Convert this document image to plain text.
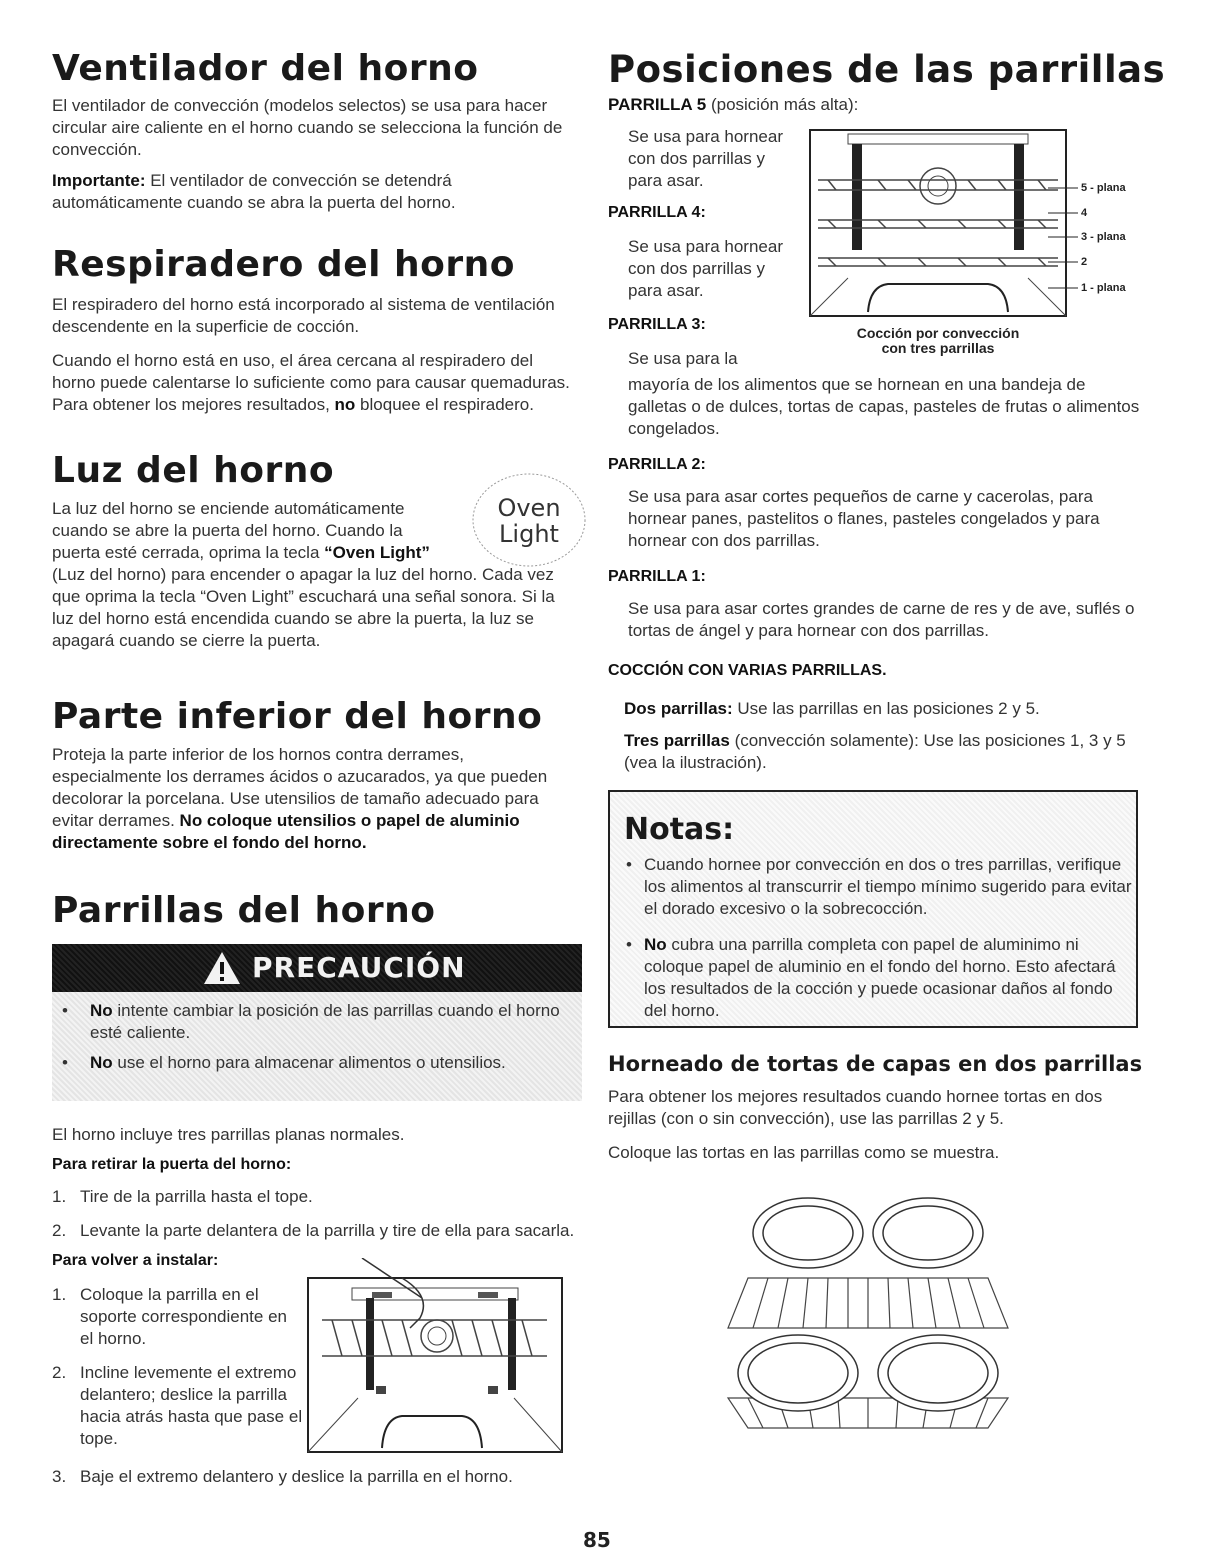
Ventilador del horno
El ventilador de convección (modelos selectos) se usa para hacer circular aire caliente en el horno cuando se selecciona la función de convección.
Importante: El ventilador de convección se detendrá automáticamente cuando se abra la puerta del horno.
Respiradero del horno
El respiradero del horno está incorporado al sistema de ventilación descendente en la superficie de cocción.
Cuando el horno está en uso, el área cercana al respiradero del horno puede calentarse lo suficiente como para causar quemaduras. Para obtener los mejores resultados, no bloquee el respiradero.
Luz del horno
La luz del horno se enciende automáticamente cuando se abre la puerta del horno. Cuando la puerta esté cerrada, oprima la tecla “Oven Light”
(Luz del horno) para encender o apagar la luz del horno. Cada vez que oprima la tecla “Oven Light” escuchará una señal sonora. Si la luz del horno está encendida cuando se abre la puerta, la luz se apagará cuando se cierre la puerta.
Oven
Light
Parte inferior del horno
Proteja la parte inferior de los hornos contra derrames, especialmente los derrames ácidos o azucarados, ya que pueden decolorar la porcelana. Use utensilios de tamaño adecuado para evitar derrames. No coloque utensilios o papel de aluminio directamente sobre el fondo del horno.
Parrillas del horno
PRECAUCIÓN
• No intente cambiar la posición de las parrillas cuando el horno esté caliente.
• No use el horno para almacenar alimentos o utensilios.
El horno incluye tres parrillas planas normales.
Para retirar la puerta del horno:
1. Tire de la parrilla hasta el tope.
2. Levante la parte delantera de la parrilla y tire de ella para sacarla.
Para volver a instalar:
1. Coloque la parrilla en el soporte correspondiente en el horno.
2. Incline levemente el extremo delantero; deslice la parrilla hacia atrás hasta que pase el tope.
3. Baje el extremo delantero y deslice la parrilla en el horno.
Posiciones de las parrillas
PARRILLA 5 (posición más alta):
Se usa para hornear con dos parrillas y para asar.
PARRILLA 4:
Se usa para hornear con dos parrillas y para asar.
PARRILLA 3:
Se usa para la
mayoría de los alimentos que se hornean en una bandeja de galletas o de dulces, tortas de capas, pasteles de frutas o alimentos congelados.
PARRILLA 2:
Se usa para asar cortes pequeños de carne y cacerolas, para hornear panes, pastelitos o flanes, pasteles congelados y para hornear con dos parrillas.
PARRILLA 1:
Se usa para asar cortes grandes de carne de res y de ave, suflés o tortas de ángel y para hornear con dos parrillas.
5 - plana
4
3 - plana
2
1 - plana
Cocción por convección
con tres parrillas
COCCIÓN CON VARIAS PARRILLAS.
Dos parrillas: Use las parrillas en las posiciones 2 y 5.
Tres parrillas (convección solamente): Use las posiciones 1, 3 y 5 (vea la ilustración).
Notas:
• Cuando hornee por convección en dos o tres parrillas, verifique los alimentos al transcurrir el tiempo mínimo sugerido para evitar el dorado excesivo o la sobrecocción.
• No cubra una parrilla completa con papel de aluminimo ni coloque papel de aluminio en el fondo del horno. Esto afectará los resultados de la cocción y puede ocasionar daños al fondo del horno.
Horneado de tortas de capas en dos parrillas
Para obtener los mejores resultados cuando hornee tortas en dos rejillas (con o sin convección), use las parrillas 2 y 5.
Coloque las tortas en las parrillas como se muestra.
85
